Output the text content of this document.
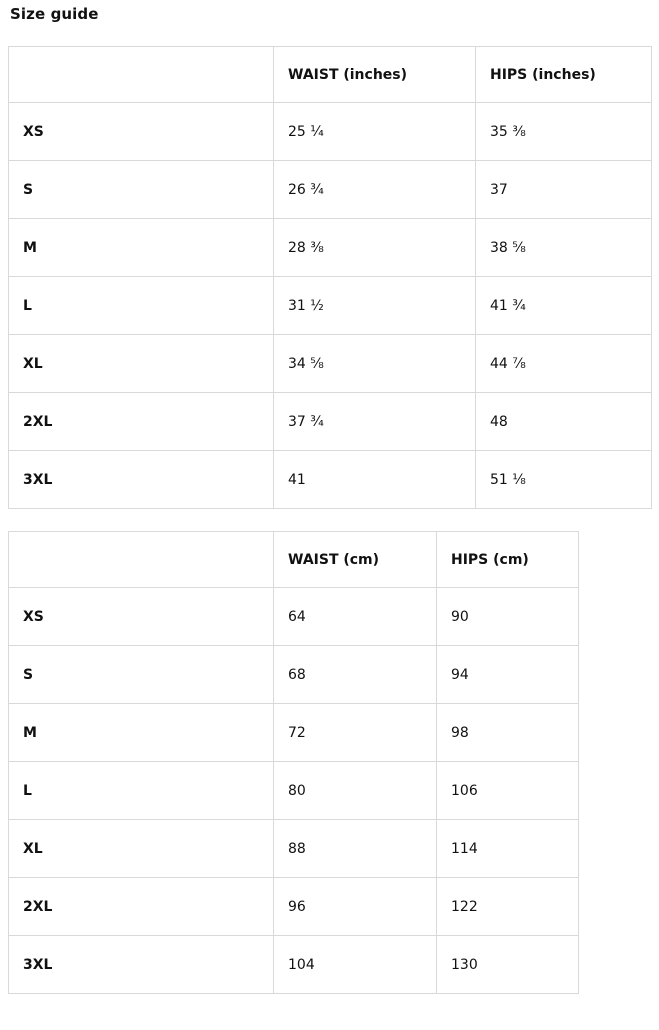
Size guide
	WAIST (inches)	HIPS (inches)
XS	25 ¼	35 ⅜
S	26 ¾	37
M	28 ⅜	38 ⅝
L	31 ½	41 ¾
XL	34 ⅝	44 ⅞
2XL	37 ¾	48
3XL	41	51 ⅛
	WAIST (cm)	HIPS (cm)
XS	64	90
S	68	94
M	72	98
L	80	106
XL	88	114
2XL	96	122
3XL	104	130
